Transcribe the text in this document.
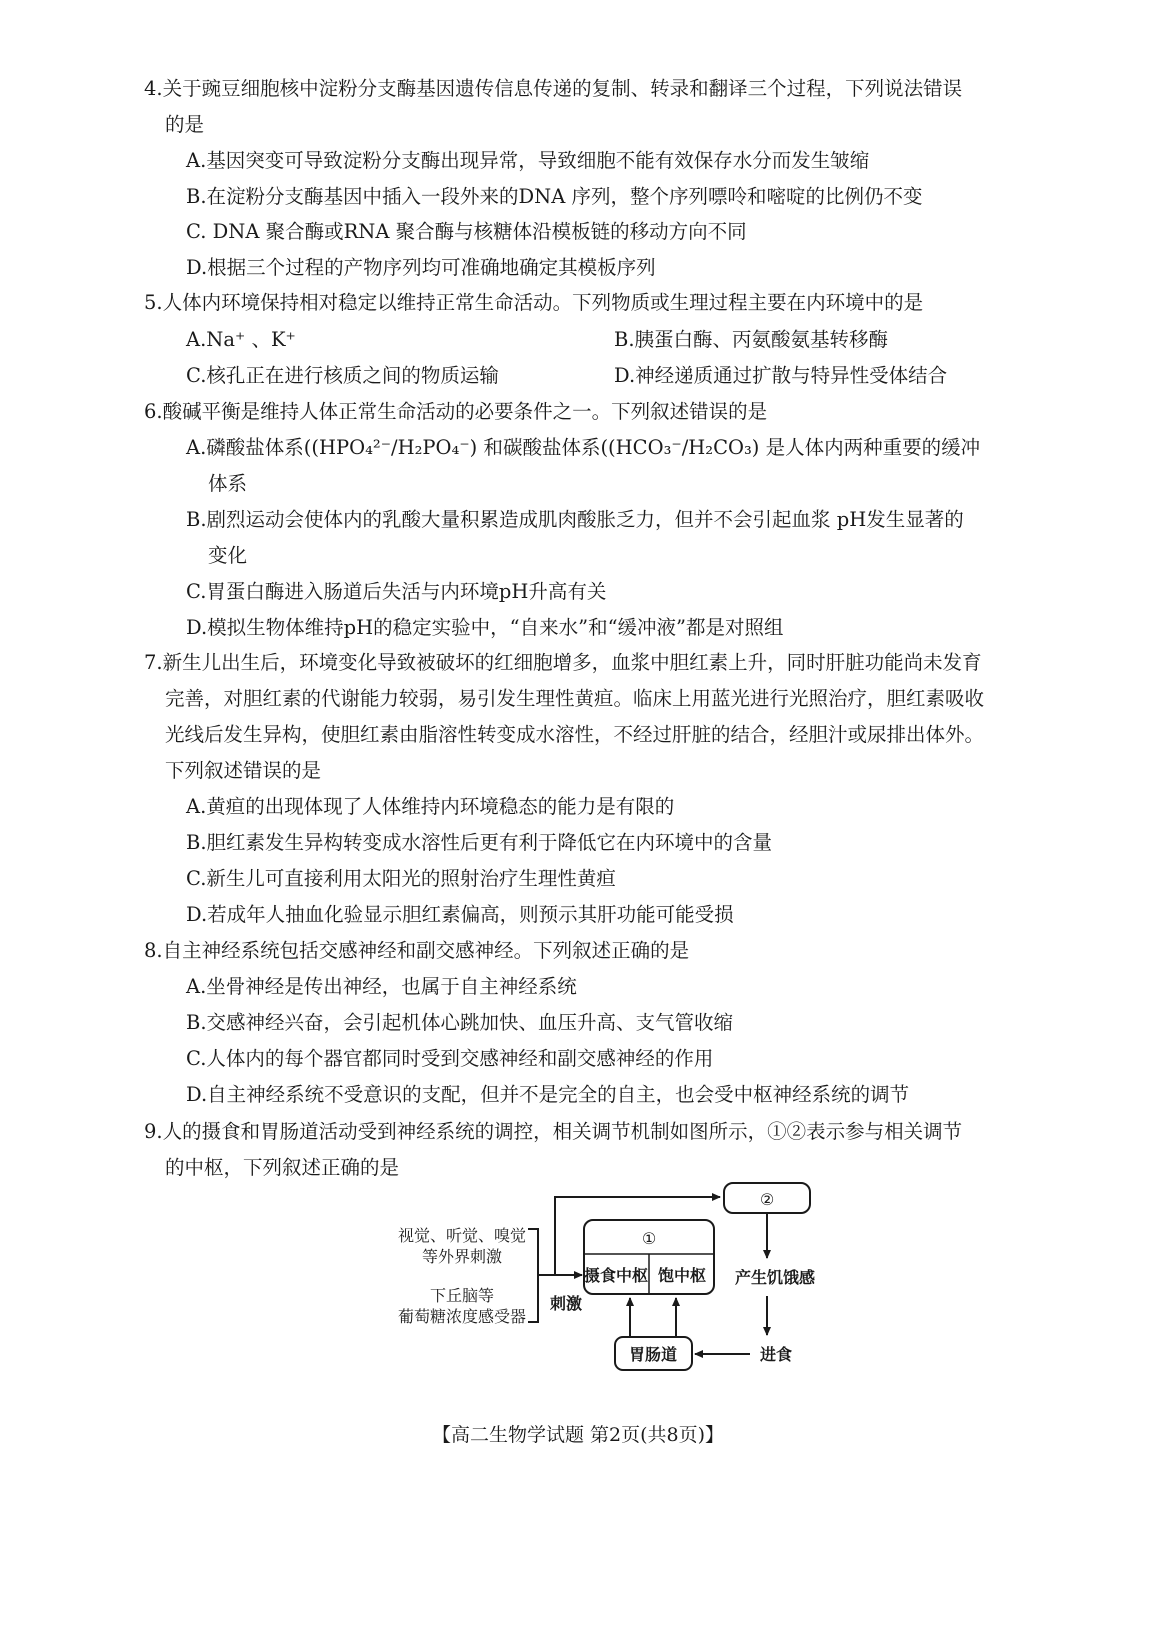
4.关于豌豆细胞核中淀粉分支酶基因遗传信息传递的复制、转录和翻译三个过程，下列说法错误
的是
A.基因突变可导致淀粉分支酶出现异常，导致细胞不能有效保存水分而发生皱缩
B.在淀粉分支酶基因中插入一段外来的DNA 序列，整个序列嘌呤和嘧啶的比例仍不变
C. DNA 聚合酶或RNA 聚合酶与核糖体沿模板链的移动方向不同
D.根据三个过程的产物序列均可准确地确定其模板序列
5.人体内环境保持相对稳定以维持正常生命活动。下列物质或生理过程主要在内环境中的是
A.Na⁺ 、K⁺	B.胰蛋白酶、丙氨酸氨基转移酶
C.核孔正在进行核质之间的物质运输	D.神经递质通过扩散与特异性受体结合
6.酸碱平衡是维持人体正常生命活动的必要条件之一。下列叙述错误的是
A.磷酸盐体系((HPO₄²⁻/H₂PO₄⁻) 和碳酸盐体系((HCO₃⁻/H₂CO₃) 是人体内两种重要的缓冲
体系
B.剧烈运动会使体内的乳酸大量积累造成肌肉酸胀乏力，但并不会引起血浆 pH发生显著的
变化
C.胃蛋白酶进入肠道后失活与内环境pH升高有关
D.模拟生物体维持pH的稳定实验中，“自来水”和“缓冲液”都是对照组
7.新生儿出生后，环境变化导致被破坏的红细胞增多，血浆中胆红素上升，同时肝脏功能尚未发育
完善，对胆红素的代谢能力较弱，易引发生理性黄疸。临床上用蓝光进行光照治疗，胆红素吸收
光线后发生异构，使胆红素由脂溶性转变成水溶性，不经过肝脏的结合，经胆汁或尿排出体外。
下列叙述错误的是
A.黄疸的出现体现了人体维持内环境稳态的能力是有限的
B.胆红素发生异构转变成水溶性后更有利于降低它在内环境中的含量
C.新生儿可直接利用太阳光的照射治疗生理性黄疸
D.若成年人抽血化验显示胆红素偏高，则预示其肝功能可能受损
8.自主神经系统包括交感神经和副交感神经。下列叙述正确的是
A.坐骨神经是传出神经，也属于自主神经系统
B.交感神经兴奋，会引起机体心跳加快、血压升高、支气管收缩
C.人体内的每个器官都同时受到交感神经和副交感神经的作用
D.自主神经系统不受意识的支配，但并不是完全的自主，也会受中枢神经系统的调节
9.人的摄食和胃肠道活动受到神经系统的调控，相关调节机制如图所示，①②表示参与相关调节
的中枢，下列叙述正确的是
视觉、听觉、嗅觉
等外界刺激
下丘脑等
葡萄糖浓度感受器
刺激
①
摄食中枢 饱中枢
②
产生饥饿感
进食
胃肠道
【高二生物学试题 第2页(共8页)】
